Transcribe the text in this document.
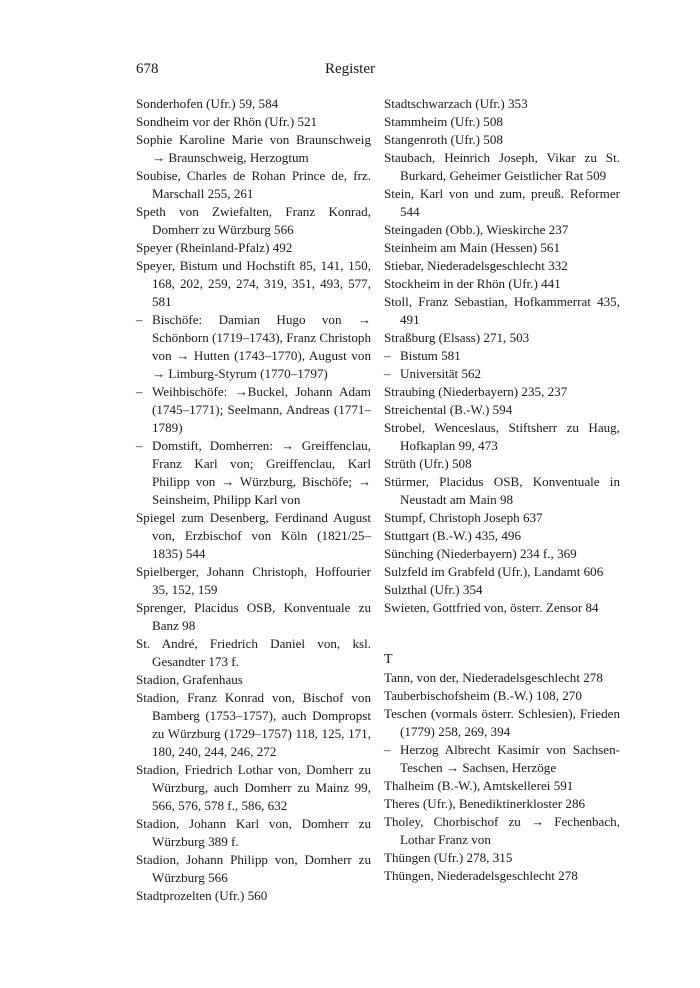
678	Register

Sonderhofen (Ufr.) 59, 584

Sondheim vor der Rhön (Ufr.) 521

Sophie Karoline Marie von Braunschweig → Braunschweig, Herzogtum

Soubise, Charles de Rohan Prince de, frz. Marschall 255, 261

Speth von Zwiefalten, Franz Konrad, Domherr zu Würzburg 566

Speyer (Rheinland-Pfalz) 492

Speyer, Bistum und Hochstift 85, 141, 150, 168, 202, 259, 274, 319, 351, 493, 577, 581

– Bischöfe: Damian Hugo von → Schönborn (1719–1743), Franz Christoph von → Hutten (1743–1770), August von → Limburg-Styrum (1770–1797)

– Weihbischöfe: →Buckel, Johann Adam (1745–1771); Seelmann, Andreas (1771–1789)

– Domstift, Domherren: → Greiffenclau, Franz Karl von; Greiffenclau, Karl Philipp von → Würzburg, Bischöfe; → Seinsheim, Philipp Karl von

Spiegel zum Desenberg, Ferdinand August von, Erzbischof von Köln (1821/25–1835) 544

Spielberger, Johann Christoph, Hoffourier 35, 152, 159

Sprenger, Placidus OSB, Konventuale zu Banz 98

St. André, Friedrich Daniel von, ksl. Gesandter 173 f.

Stadion, Grafenhaus

Stadion, Franz Konrad von, Bischof von Bamberg (1753–1757), auch Dompropst zu Würzburg (1729–1757) 118, 125, 171, 180, 240, 244, 246, 272

Stadion, Friedrich Lothar von, Domherr zu Würzburg, auch Domherr zu Mainz 99, 566, 576, 578 f., 586, 632

Stadion, Johann Karl von, Domherr zu Würzburg 389 f.

Stadion, Johann Philipp von, Domherr zu Würzburg 566

Stadtprozelten (Ufr.) 560

Stadtschwarzach (Ufr.) 353

Stammheim (Ufr.) 508

Stangenroth (Ufr.) 508

Staubach, Heinrich Joseph, Vikar zu St. Burkard, Geheimer Geistlicher Rat 509

Stein, Karl von und zum, preuß. Reformer 544

Steingaden (Obb.), Wieskirche 237

Steinheim am Main (Hessen) 561

Stiebar, Niederadelsgeschlecht 332

Stockheim in der Rhön (Ufr.) 441

Stoll, Franz Sebastian, Hofkammerrat 435, 491

Straßburg (Elsass) 271, 503

– Bistum 581

– Universität 562

Straubing (Niederbayern) 235, 237

Streichental (B.-W.) 594

Strobel, Wenceslaus, Stiftsherr zu Haug, Hofkaplan 99, 473

Strüth (Ufr.) 508

Stürmer, Placidus OSB, Konventuale in Neustadt am Main 98

Stumpf, Christoph Joseph 637

Stuttgart (B.-W.) 435, 496

Sünching (Niederbayern) 234 f., 369

Sulzfeld im Grabfeld (Ufr.), Landamt 606

Sulzthal (Ufr.) 354

Swieten, Gottfried von, österr. Zensor 84

T

Tann, von der, Niederadelsgeschlecht 278

Tauberbischofsheim (B.-W.) 108, 270

Teschen (vormals österr. Schlesien), Frieden (1779) 258, 269, 394

– Herzog Albrecht Kasimir von Sachsen-Teschen → Sachsen, Herzöge

Thalheim (B.-W.), Amtskellerei 591

Theres (Ufr.), Benediktinerkloster 286

Tholey, Chorbischof zu → Fechenbach, Lothar Franz von

Thüngen (Ufr.) 278, 315

Thüngen, Niederadelsgeschlecht 278
